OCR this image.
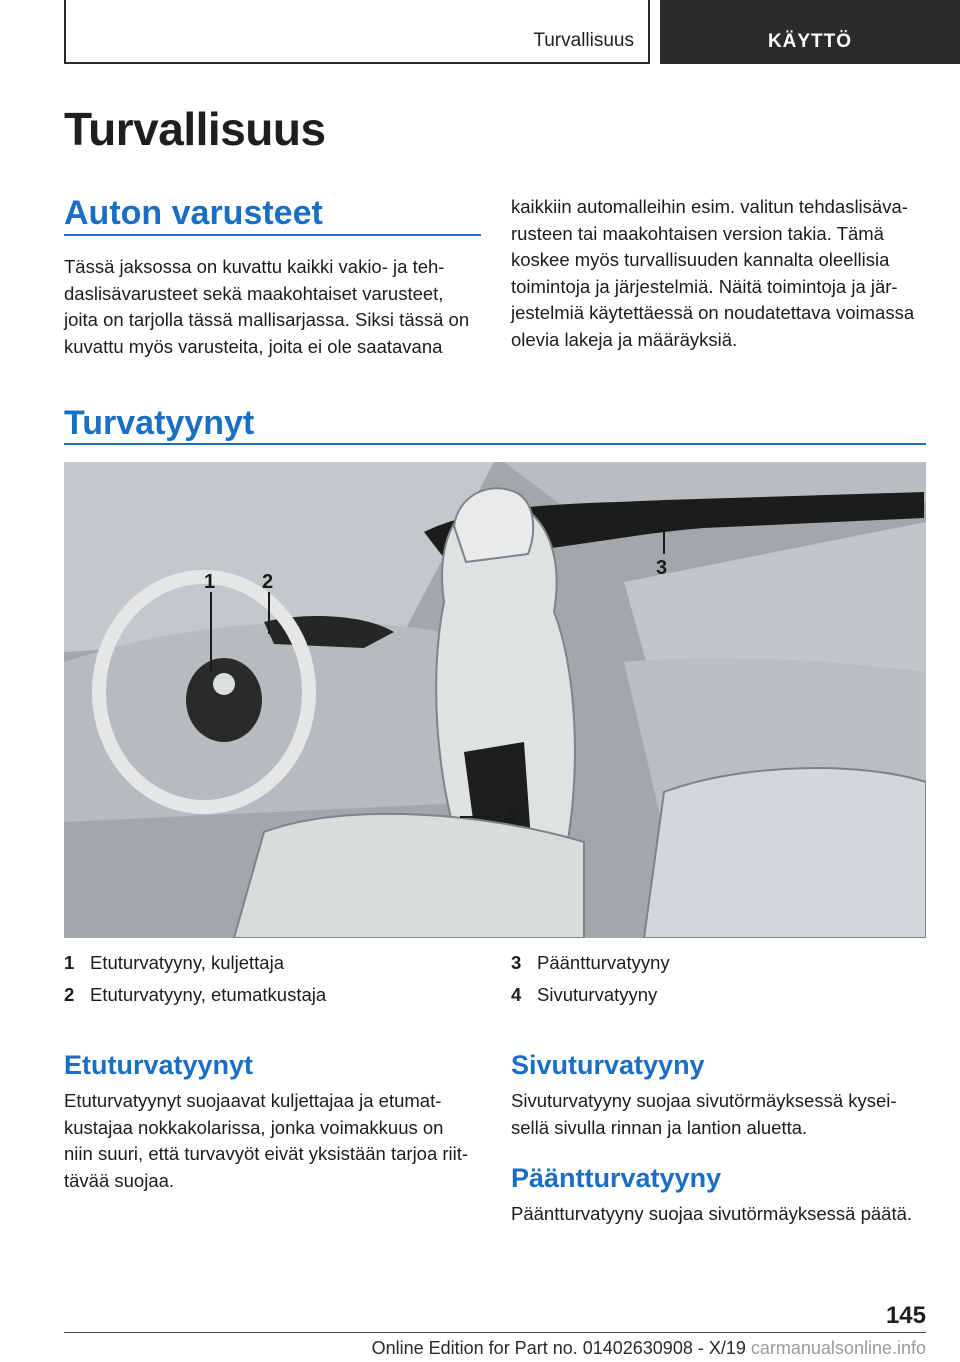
Turvallisuus	KÄYTTÖ
Turvallisuus
Auton varusteet
Tässä jaksossa on kuvattu kaikki vakio- ja teh-
daslisävarusteet sekä maakohtaiset varusteet,
joita on tarjolla tässä mallisarjassa. Siksi tässä on
kuvattu myös varusteita, joita ei ole saatavana
kaikkiin automalleihin esim. valitun tehdaslisäva-
rusteen tai maakohtaisen version takia. Tämä
koskee myös turvallisuuden kannalta oleellisia
toimintoja ja järjestelmiä. Näitä toimintoja ja jär-
jestelmiä käytettäessä on noudatettava voimassa
olevia lakeja ja määräyksiä.
Turvatyynyt
1 2
3
4
1 Etuturvatyyny, kuljettaja
2 Etuturvatyyny, etumatkustaja
3 Pääntturvatyyny
4 Sivuturvatyyny
Etuturvatyynyt
Etuturvatyynyt suojaavat kuljettajaa ja etumat-
kustajaa nokkakolarissa, jonka voimakkuus on
niin suuri, että turvavyöt eivät yksistään tarjoa riit-
tävää suojaa.
Sivuturvatyyny
Sivuturvatyyny suojaa sivutörmäyksessä kysei-
sellä sivulla rinnan ja lantion aluetta.
Pääntturvatyyny
Pääntturvatyyny suojaa sivutörmäyksessä päätä.
145
Online Edition for Part no. 01402630908 - X/19 carmanualsonline.info
